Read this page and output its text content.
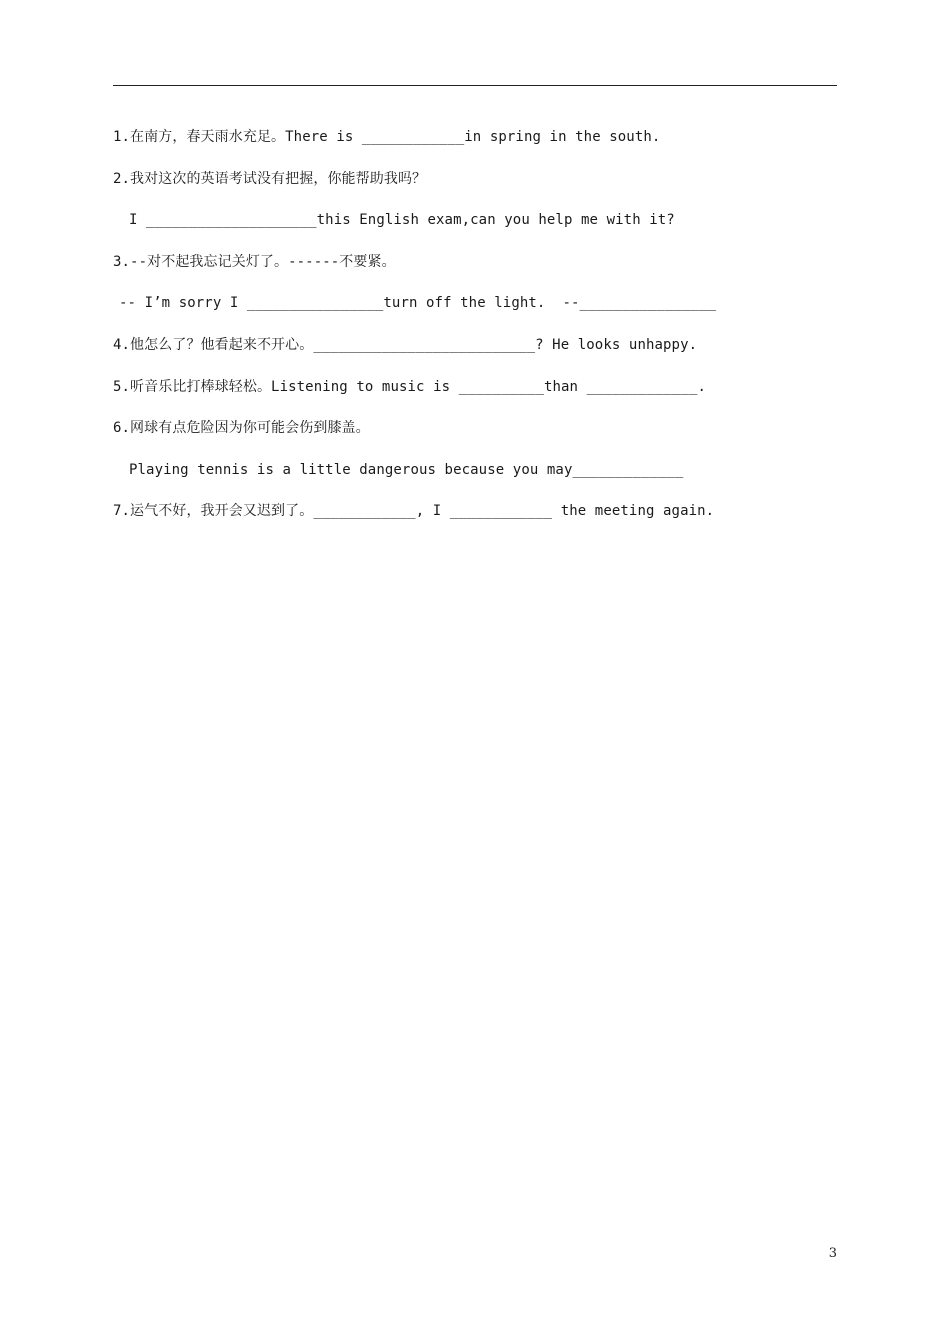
1.在南方，春天雨水充足。There is ____________in spring in the south.
2.我对这次的英语考试没有把握，你能帮助我吗？
I ____________________this English exam,can you help me with it?
3.--对不起我忘记关灯了。------不要紧。
-- I’m sorry I ________________turn off the light.  --________________
4.他怎么了？他看起来不开心。__________________________? He looks unhappy.
5.听音乐比打棒球轻松。Listening to music is __________than _____________.
6.网球有点危险因为你可能会伤到膝盖。
Playing tennis is a little dangerous because you may_____________
7.运气不好，我开会又迟到了。____________, I ____________ the meeting again.
3
